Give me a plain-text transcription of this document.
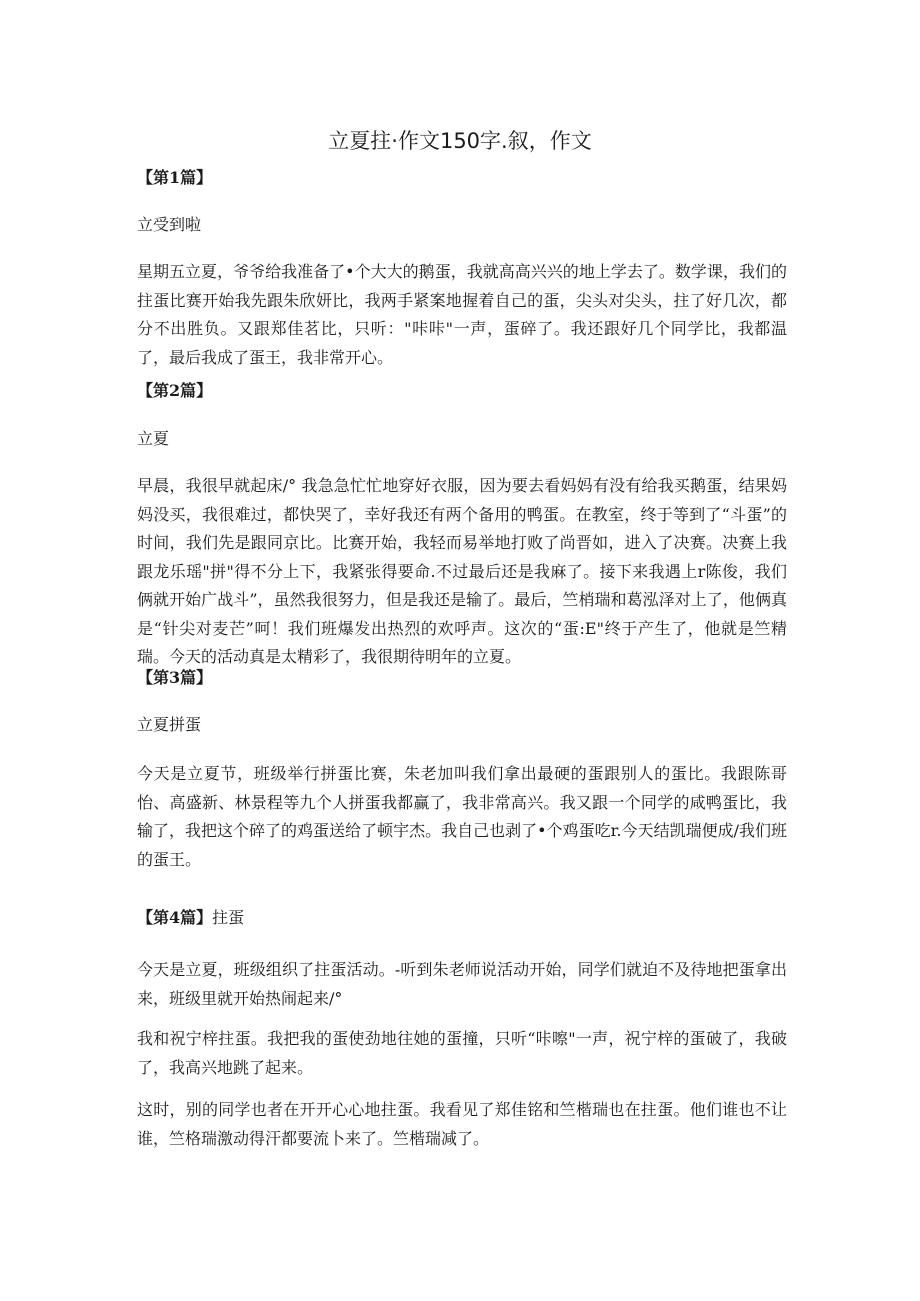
立夏拄·作文150字.叙，作文
【第1篇】
立受到啦

星期五立夏，爷爷给我准备了•个大大的鹅蛋，我就高高兴兴的地上学去了。数学课，我们的拄蛋比赛开始我先跟朱欣妍比，我两手紧案地握着自己的蛋，尖头对尖头，拄了好几次，都分不出胜负。又跟郑佳茗比，只听："咔咔"一声，蛋碎了。我还跟好几个同学比，我都温了，最后我成了蛋王，我非常开心。

【第2篇】
立夏

早晨，我很早就起床/° 我急急忙忙地穿好衣服，因为要去看妈妈有没有给我买鹅蛋，结果妈妈没买，我很难过，都快哭了，幸好我还有两个备用的鸭蛋。在教室，终于等到了“斗蛋”的时间，我们先是跟同京比。比赛开始，我轻而易举地打败了尚晋如，进入了决赛。决赛上我跟龙乐瑶"拼"得不分上下，我紧张得要命.不过最后还是我麻了。接下来我遇上r陈俊，我们俩就开始广战斗”，虽然我很努力，但是我还是输了。最后，竺梢瑞和葛泓泽对上了，他俩真是“针尖对麦芒”呵！我们班爆发出热烈的欢呼声。这次的“蛋:E"终于产生了，他就是竺精瑞。今天的活动真是太精彩了，我很期待明年的立夏。

【第3篇】
立夏拼蛋

今天是立夏节，班级举行拼蛋比赛，朱老加叫我们拿出最硬的蛋跟别人的蛋比。我跟陈哥怡、高盛新、林景程等九个人拼蛋我都赢了，我非常高兴。我又跟一个同学的咸鸭蛋比，我输了，我把这个碎了的鸡蛋送给了顿宇杰。我自己也剥了•个鸡蛋吃r.今天结凯瑞便成/我们班的蛋王。

【第4篇】拄蛋

今天是立夏，班级组织了拄蛋活动。-听到朱老师说活动开始，同学们就迫不及待地把蛋拿出来，班级里就开始热闹起来/°

我和祝宁梓拄蛋。我把我的蛋使劲地往她的蛋撞，只听“咔嚓"一声，祝宁梓的蛋破了，我破了，我高兴地跳了起来。

这时，别的同学也者在开开心心地拄蛋。我看见了郑佳铭和竺楷瑞也在拄蛋。他们谁也不让谁，竺格瑞激动得汗都要流卜来了。竺楷瑞减了。
